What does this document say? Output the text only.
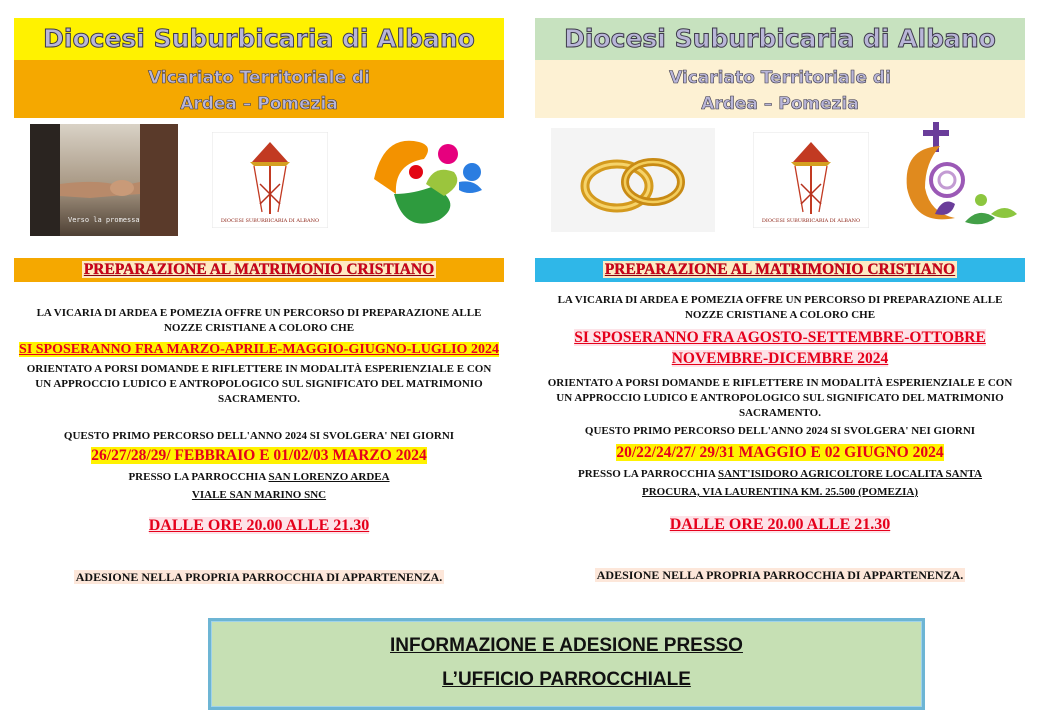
Diocesi Suburbicaria di Albano
Vicariato Territoriale di
Ardea – Pomezia
Verso la promessa	DIOCESI SUBURBICARIA DI ALBANO
PREPARAZIONE AL MATRIMONIO CRISTIANO
LA VICARIA DI ARDEA E POMEZIA OFFRE UN PERCORSO DI PREPARAZIONE ALLE
NOZZE CRISTIANE A COLORO CHE
SI SPOSERANNO FRA MARZO-APRILE-MAGGIO-GIUGNO-LUGLIO 2024
ORIENTATO A PORSI DOMANDE E RIFLETTERE IN MODALITÀ ESPERIENZIALE E CON
UN APPROCCIO LUDICO E ANTROPOLOGICO SUL SIGNIFICATO DEL MATRIMONIO
SACRAMENTO.
QUESTO PRIMO PERCORSO DELL'ANNO 2024 SI SVOLGERA' NEI GIORNI
26/27/28/29/ FEBBRAIO E 01/02/03 MARZO 2024
PRESSO LA PARROCCHIA SAN LORENZO ARDEA
VIALE SAN MARINO SNC
DALLE ORE 20.00 ALLE 21.30
ADESIONE NELLA PROPRIA PARROCCHIA DI APPARTENENZA.
Diocesi Suburbicaria di Albano
Vicariato Territoriale di
Ardea – Pomezia
DIOCESI SUBURBICARIA DI ALBANO
PREPARAZIONE AL MATRIMONIO CRISTIANO
LA VICARIA DI ARDEA E POMEZIA OFFRE UN PERCORSO DI PREPARAZIONE ALLE
NOZZE CRISTIANE A COLORO CHE
SI SPOSERANNO FRA AGOSTO-SETTEMBRE-OTTOBRE
NOVEMBRE-DICEMBRE 2024
ORIENTATO A PORSI DOMANDE E RIFLETTERE IN MODALITÀ ESPERIENZIALE E CON
UN APPROCCIO LUDICO E ANTROPOLOGICO SUL SIGNIFICATO DEL MATRIMONIO
SACRAMENTO.
QUESTO PRIMO PERCORSO DELL'ANNO 2024 SI SVOLGERA' NEI GIORNI
20/22/24/27/ 29/31 MAGGIO E 02 GIUGNO 2024
PRESSO LA PARROCCHIA SANT'ISIDORO AGRICOLTORE LOCALITA SANTA
PROCURA, VIA LAURENTINA KM. 25.500 (POMEZIA)
DALLE ORE 20.00 ALLE 21.30
ADESIONE NELLA PROPRIA PARROCCHIA DI APPARTENENZA.
INFORMAZIONE E ADESIONE PRESSO
L’UFFICIO PARROCCHIALE
